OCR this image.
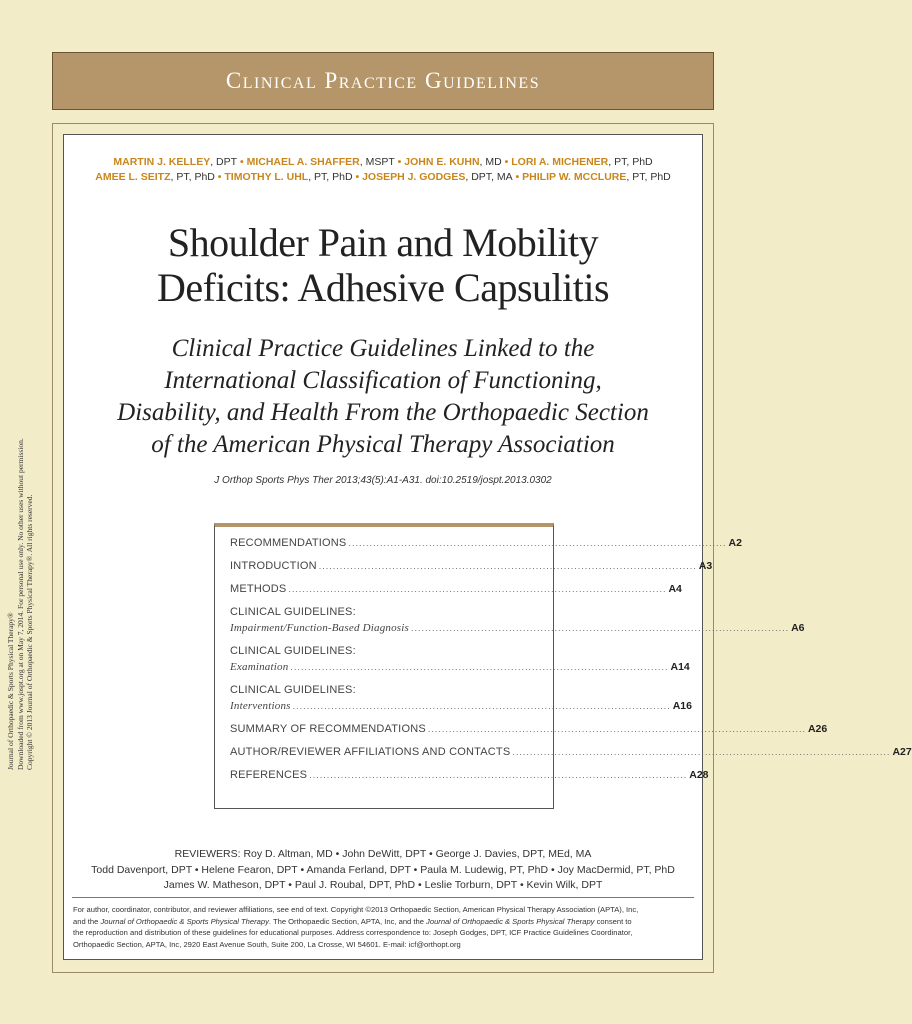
Clinical Practice Guidelines
Journal of Orthopaedic & Sports Physical Therapy® Downloaded from www.jospt.org at on May 7, 2014. For personal use only. No other uses without permission. Copyright © 2013 Journal of Orthopaedic & Sports Physical Therapy®. All rights reserved.
MARTIN J. KELLEY, DPT • MICHAEL A. SHAFFER, MSPT • JOHN E. KUHN, MD • LORI A. MICHENER, PT, PhD
AMEE L. SEITZ, PT, PhD • TIMOTHY L. UHL, PT, PhD • JOSEPH J. GODGES, DPT, MA • PHILIP W. MCCLURE, PT, PhD
Shoulder Pain and Mobility
Deficits: Adhesive Capsulitis
Clinical Practice Guidelines Linked to the
International Classification of Functioning,
Disability, and Health From the Orthopaedic Section
of the American Physical Therapy Association
J Orthop Sports Phys Ther 2013;43(5):A1-A31. doi:10.2519/jospt.2013.0302
RECOMMENDATIONS ............................................................................................................ A2
INTRODUCTION ............................................................................................................ A3
METHODS ............................................................................................................ A4
CLINICAL GUIDELINES:
Impairment/Function-Based Diagnosis ............................................................................................................ A6
CLINICAL GUIDELINES:
Examination ............................................................................................................ A14
CLINICAL GUIDELINES:
Interventions ............................................................................................................ A16
SUMMARY OF RECOMMENDATIONS ............................................................................................................ A26
AUTHOR/REVIEWER AFFILIATIONS AND CONTACTS ............................................................................................................ A27
REFERENCES ............................................................................................................ A28
REVIEWERS: Roy D. Altman, MD • John DeWitt, DPT • George J. Davies, DPT, MEd, MA
Todd Davenport, DPT • Helene Fearon, DPT • Amanda Ferland, DPT • Paula M. Ludewig, PT, PhD • Joy MacDermid, PT, PhD
James W. Matheson, DPT • Paul J. Roubal, DPT, PhD • Leslie Torburn, DPT • Kevin Wilk, DPT
For author, coordinator, contributor, and reviewer affiliations, see end of text. Copyright ©2013 Orthopaedic Section, American Physical Therapy Association (APTA), Inc,
and the Journal of Orthopaedic & Sports Physical Therapy. The Orthopaedic Section, APTA, Inc, and the Journal of Orthopaedic & Sports Physical Therapy consent to
the reproduction and distribution of these guidelines for educational purposes. Address correspondence to: Joseph Godges, DPT, ICF Practice Guidelines Coordinator,
Orthopaedic Section, APTA, Inc, 2920 East Avenue South, Suite 200, La Crosse, WI 54601. E-mail: icf@orthopt.org
